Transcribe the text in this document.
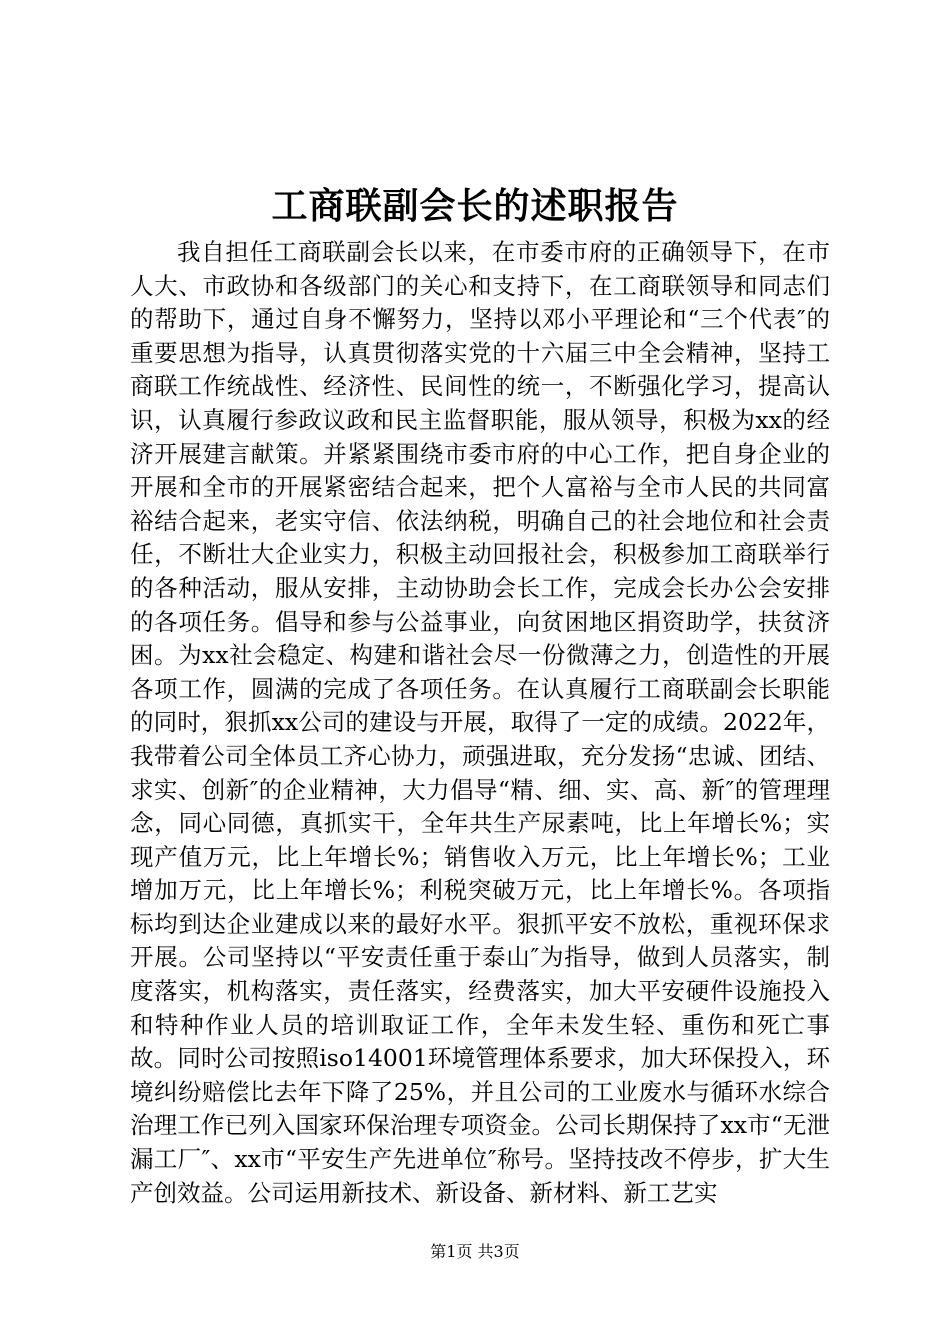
工商联副会长的述职报告

我自担任工商联副会长以来，在市委市府的正确领导下，在市人大、市政协和各级部门的关心和支持下，在工商联领导和同志们的帮助下，通过自身不懈努力，坚持以邓小平理论和“三个代表″的重要思想为指导，认真贯彻落实党的十六届三中全会精神，坚持工商联工作统战性、经济性、民间性的统一，不断强化学习，提高认识，认真履行参政议政和民主监督职能，服从领导，积极为xx的经济开展建言献策。并紧紧围绕市委市府的中心工作，把自身企业的开展和全市的开展紧密结合起来，把个人富裕与全市人民的共同富裕结合起来，老实守信、依法纳税，明确自己的社会地位和社会责任，不断壮大企业实力，积极主动回报社会，积极参加工商联举行的各种活动，服从安排，主动协助会长工作，完成会长办公会安排的各项任务。倡导和参与公益事业，向贫困地区捐资助学，扶贫济困。为xx社会稳定、构建和谐社会尽一份微薄之力，创造性的开展各项工作，圆满的完成了各项任务。在认真履行工商联副会长职能的同时，狠抓xx公司的建设与开展，取得了一定的成绩。2022年，我带着公司全体员工齐心协力，顽强进取，充分发扬“忠诚、团结、求实、创新″的企业精神，大力倡导“精、细、实、高、新″的管理理念，同心同德，真抓实干，全年共生产尿素吨，比上年增长%；实现产值万元，比上年增长%；销售收入万元，比上年增长%；工业增加万元，比上年增长%；利税突破万元，比上年增长%。各项指标均到达企业建成以来的最好水平。狠抓平安不放松，重视环保求开展。公司坚持以“平安责任重于泰山″为指导，做到人员落实，制度落实，机构落实，责任落实，经费落实，加大平安硬件设施投入和特种作业人员的培训取证工作，全年未发生轻、重伤和死亡事故。同时公司按照iso14001环境管理体系要求，加大环保投入，环境纠纷赔偿比去年下降了25%，并且公司的工业废水与循环水综合治理工作已列入国家环保治理专项资金。公司长期保持了xx市“无泄漏工厂″、xx市“平安生产先进单位″称号。坚持技改不停步，扩大生产创效益。公司运用新技术、新设备、新材料、新工艺实

第1页 共3页
